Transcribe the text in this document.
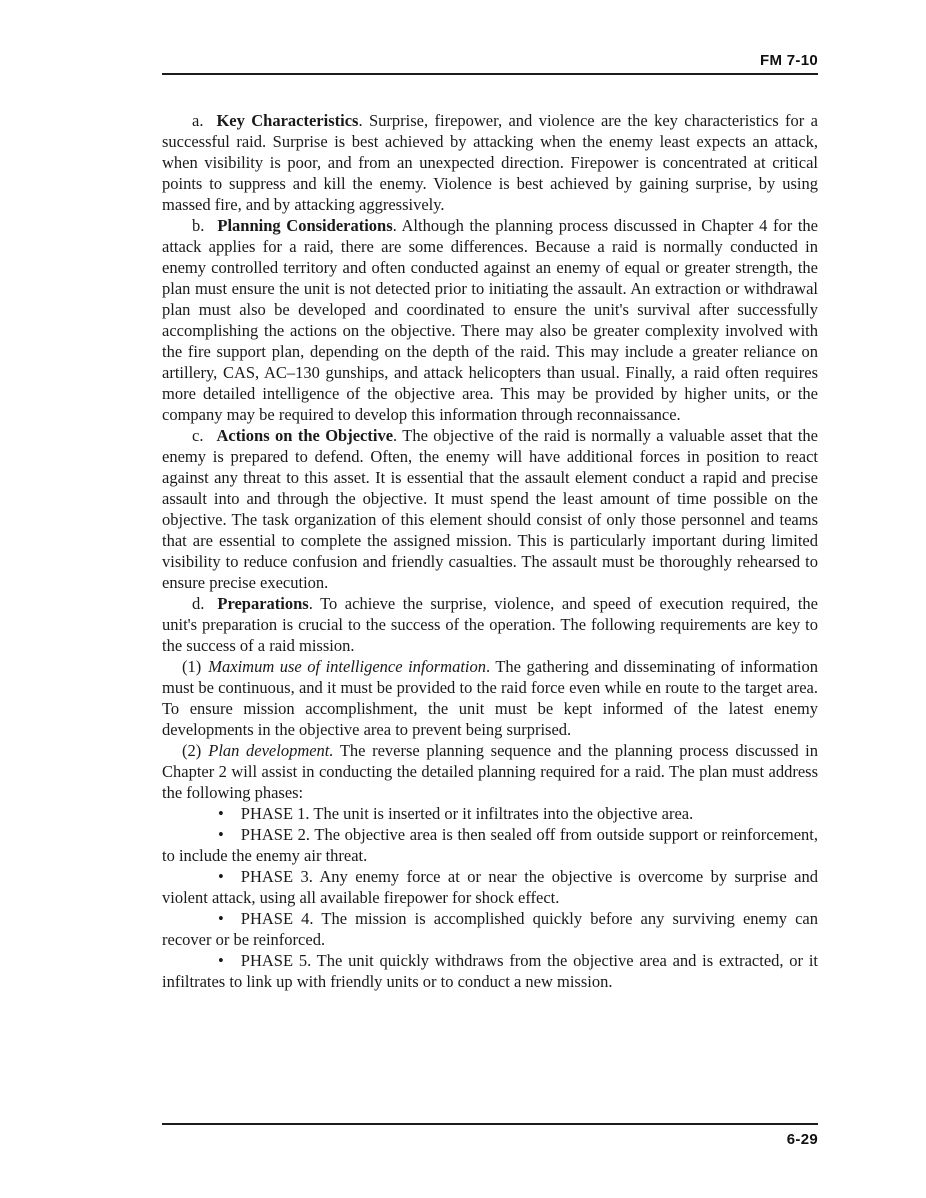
FM 7-10

a. Key Characteristics. Surprise, firepower, and violence are the key characteristics for a successful raid. Surprise is best achieved by attacking when the enemy least expects an attack, when visibility is poor, and from an unexpected direction. Firepower is concentrated at critical points to suppress and kill the enemy. Violence is best achieved by gaining surprise, by using massed fire, and by attacking aggressively.

b. Planning Considerations. Although the planning process discussed in Chapter 4 for the attack applies for a raid, there are some differences. Because a raid is normally conducted in enemy controlled territory and often conducted against an enemy of equal or greater strength, the plan must ensure the unit is not detected prior to initiating the assault. An extraction or withdrawal plan must also be developed and coordinated to ensure the unit's survival after successfully accomplishing the actions on the objective. There may also be greater complexity involved with the fire support plan, depending on the depth of the raid. This may include a greater reliance on artillery, CAS, AC–130 gunships, and attack helicopters than usual. Finally, a raid often requires more detailed intelligence of the objective area. This may be provided by higher units, or the company may be required to develop this information through reconnaissance.

c. Actions on the Objective. The objective of the raid is normally a valuable asset that the enemy is prepared to defend. Often, the enemy will have additional forces in position to react against any threat to this asset. It is essential that the assault element conduct a rapid and precise assault into and through the objective. It must spend the least amount of time possible on the objective. The task organization of this element should consist of only those personnel and teams that are essential to complete the assigned mission. This is particularly important during limited visibility to reduce confusion and friendly casualties. The assault must be thoroughly rehearsed to ensure precise execution.

d. Preparations. To achieve the surprise, violence, and speed of execution required, the unit's preparation is crucial to the success of the operation. The following requirements are key to the success of a raid mission.

(1) Maximum use of intelligence information. The gathering and disseminating of information must be continuous, and it must be provided to the raid force even while en route to the target area. To ensure mission accomplishment, the unit must be kept informed of the latest enemy developments in the objective area to prevent being surprised.

(2) Plan development. The reverse planning sequence and the planning process discussed in Chapter 2 will assist in conducting the detailed planning required for a raid. The plan must address the following phases:

• PHASE 1. The unit is inserted or it infiltrates into the objective area.

• PHASE 2. The objective area is then sealed off from outside support or reinforcement, to include the enemy air threat.

• PHASE 3. Any enemy force at or near the objective is overcome by surprise and violent attack, using all available firepower for shock effect.

• PHASE 4. The mission is accomplished quickly before any surviving enemy can recover or be reinforced.

• PHASE 5. The unit quickly withdraws from the objective area and is extracted, or it infiltrates to link up with friendly units or to conduct a new mission.

6-29
